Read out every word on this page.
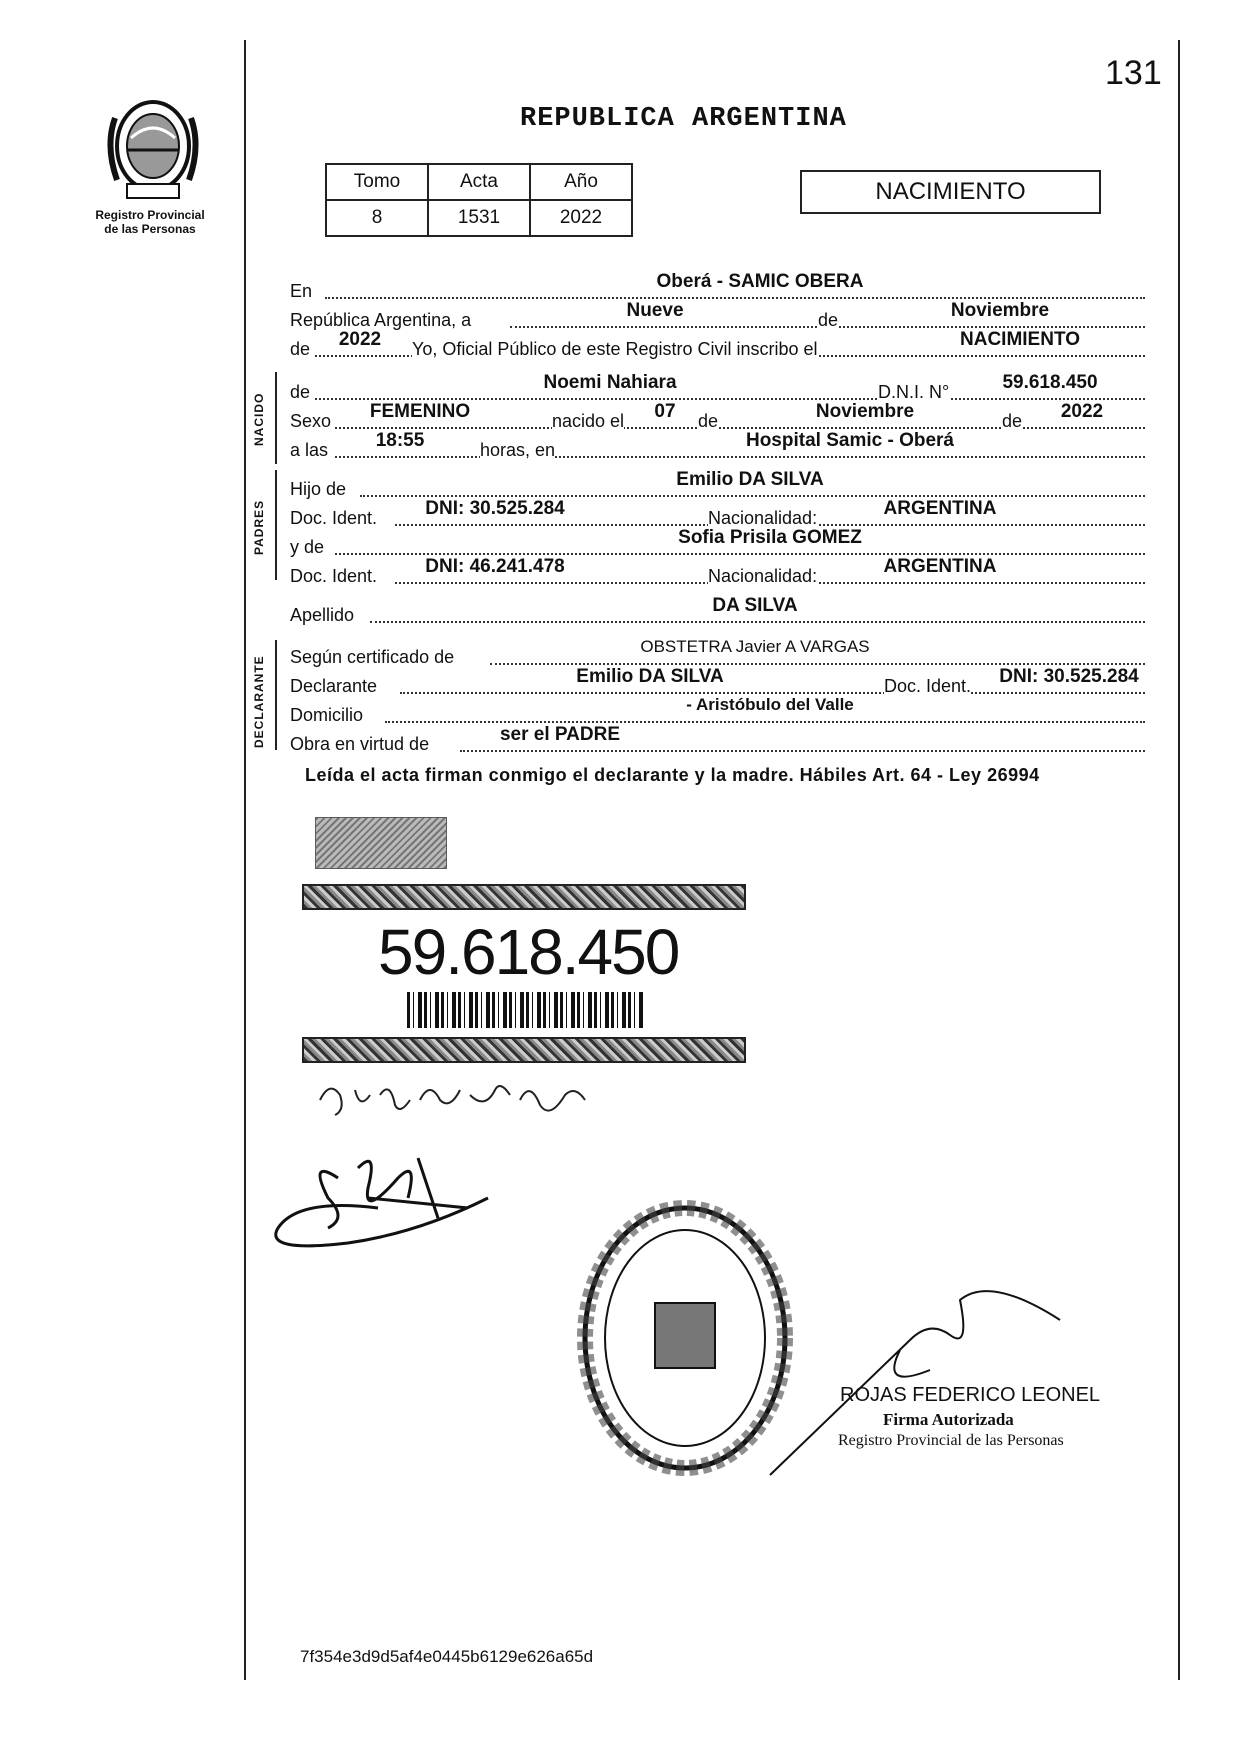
Registro Provincial
de las Personas
131
REPUBLICA ARGENTINA
Tomo	Acta	Año
8	1531	2022
NACIMIENTO
En	Oberá - SAMIC OBERA
República Argentina, a	Nueve	de	Noviembre
de	2022	Yo, Oficial Público de este Registro Civil inscribo el	NACIMIENTO
de	Noemi Nahiara	D.N.I. N°	59.618.450
Sexo	FEMENINO	nacido el 07 de	Noviembre	de	2022
a las	18:55	horas, en	Hospital Samic - Oberá
NACIDO
Hijo de	Emilio DA SILVA
Doc. Ident.	DNI: 30.525.284	Nacionalidad:	ARGENTINA
y de	Sofia Prisila GOMEZ
Doc. Ident.	DNI: 46.241.478	Nacionalidad:	ARGENTINA
PADRES
Apellido	DA SILVA
Según certificado de
OBSTETRA Javier A VARGAS
Declarante	Emilio DA SILVA	Doc. Ident.	DNI: 30.525.284
Domicilio
- Aristóbulo del Valle
Obra en virtud de	ser el PADRE
DECLARANTE
Leída el acta firman conmigo el declarante y la madre. Hábiles Art. 64 - Ley 26994
59.618.450
ROJAS FEDERICO LEONEL
Firma Autorizada
Registro Provincial de las Personas
7f354e3d9d5af4e0445b6129e626a65d
